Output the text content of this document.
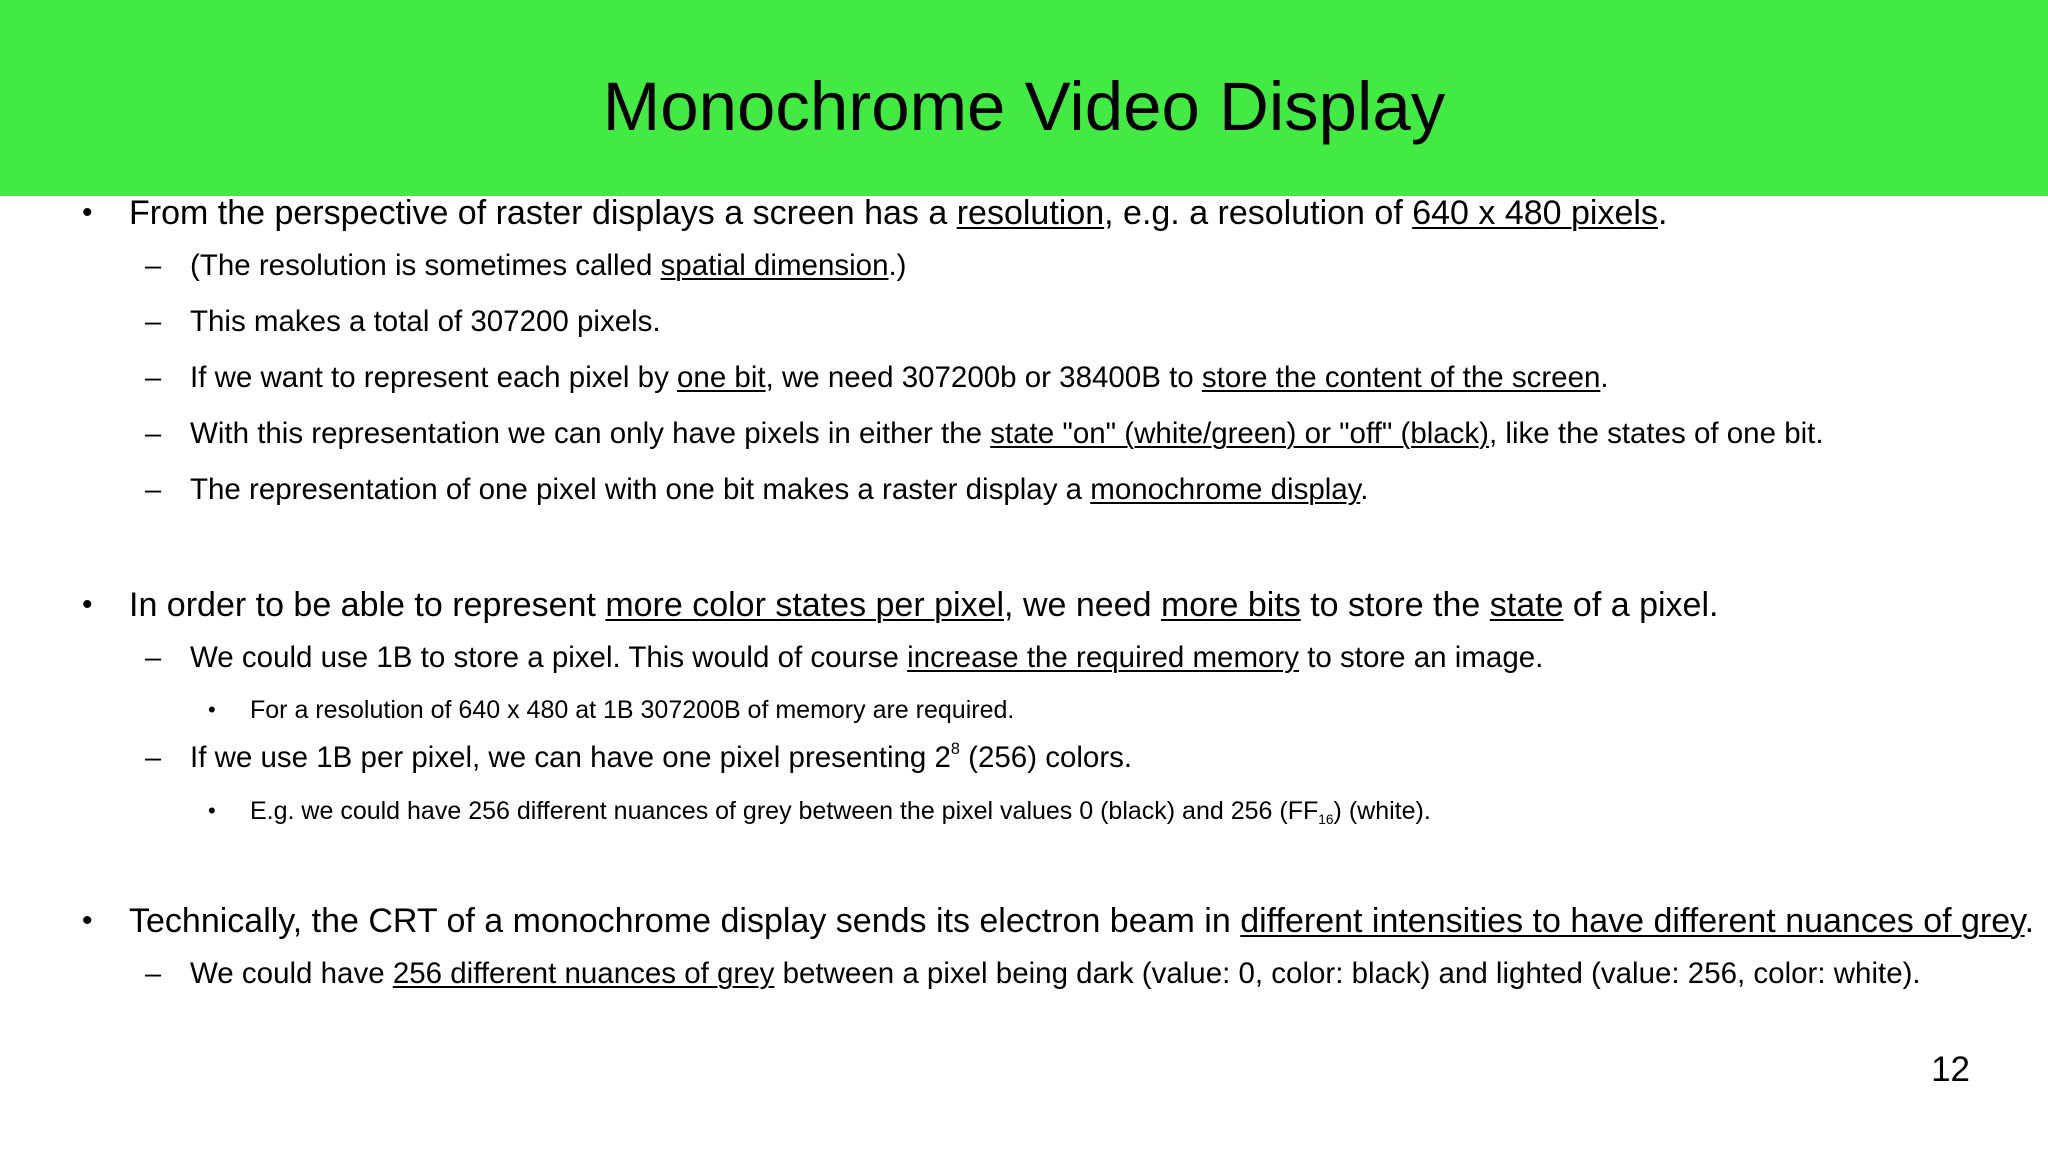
Monochrome Video Display
• From the perspective of raster displays a screen has a resolution, e.g. a resolution of 640 x 480 pixels.
– (The resolution is sometimes called spatial dimension.)
– This makes a total of 307200 pixels.
– If we want to represent each pixel by one bit, we need 307200b or 38400B to store the content of the screen.
– With this representation we can only have pixels in either the state "on" (white/green) or "off" (black), like the states of one bit.
– The representation of one pixel with one bit makes a raster display a monochrome display.
• In order to be able to represent more color states per pixel, we need more bits to store the state of a pixel.
– We could use 1B to store a pixel. This would of course increase the required memory to store an image.
• For a resolution of 640 x 480 at 1B 307200B of memory are required.
– If we use 1B per pixel, we can have one pixel presenting $2^8$ (256) colors.
• E.g. we could have 256 different nuances of grey between the pixel values 0 (black) and 256 $(FF_{16})$ (white).
• Technically, the CRT of a monochrome display sends its electron beam in different intensities to have different nuances of grey.
– We could have 256 different nuances of grey between a pixel being dark (value: 0, color: black) and lighted (value: 256, color: white).
12
